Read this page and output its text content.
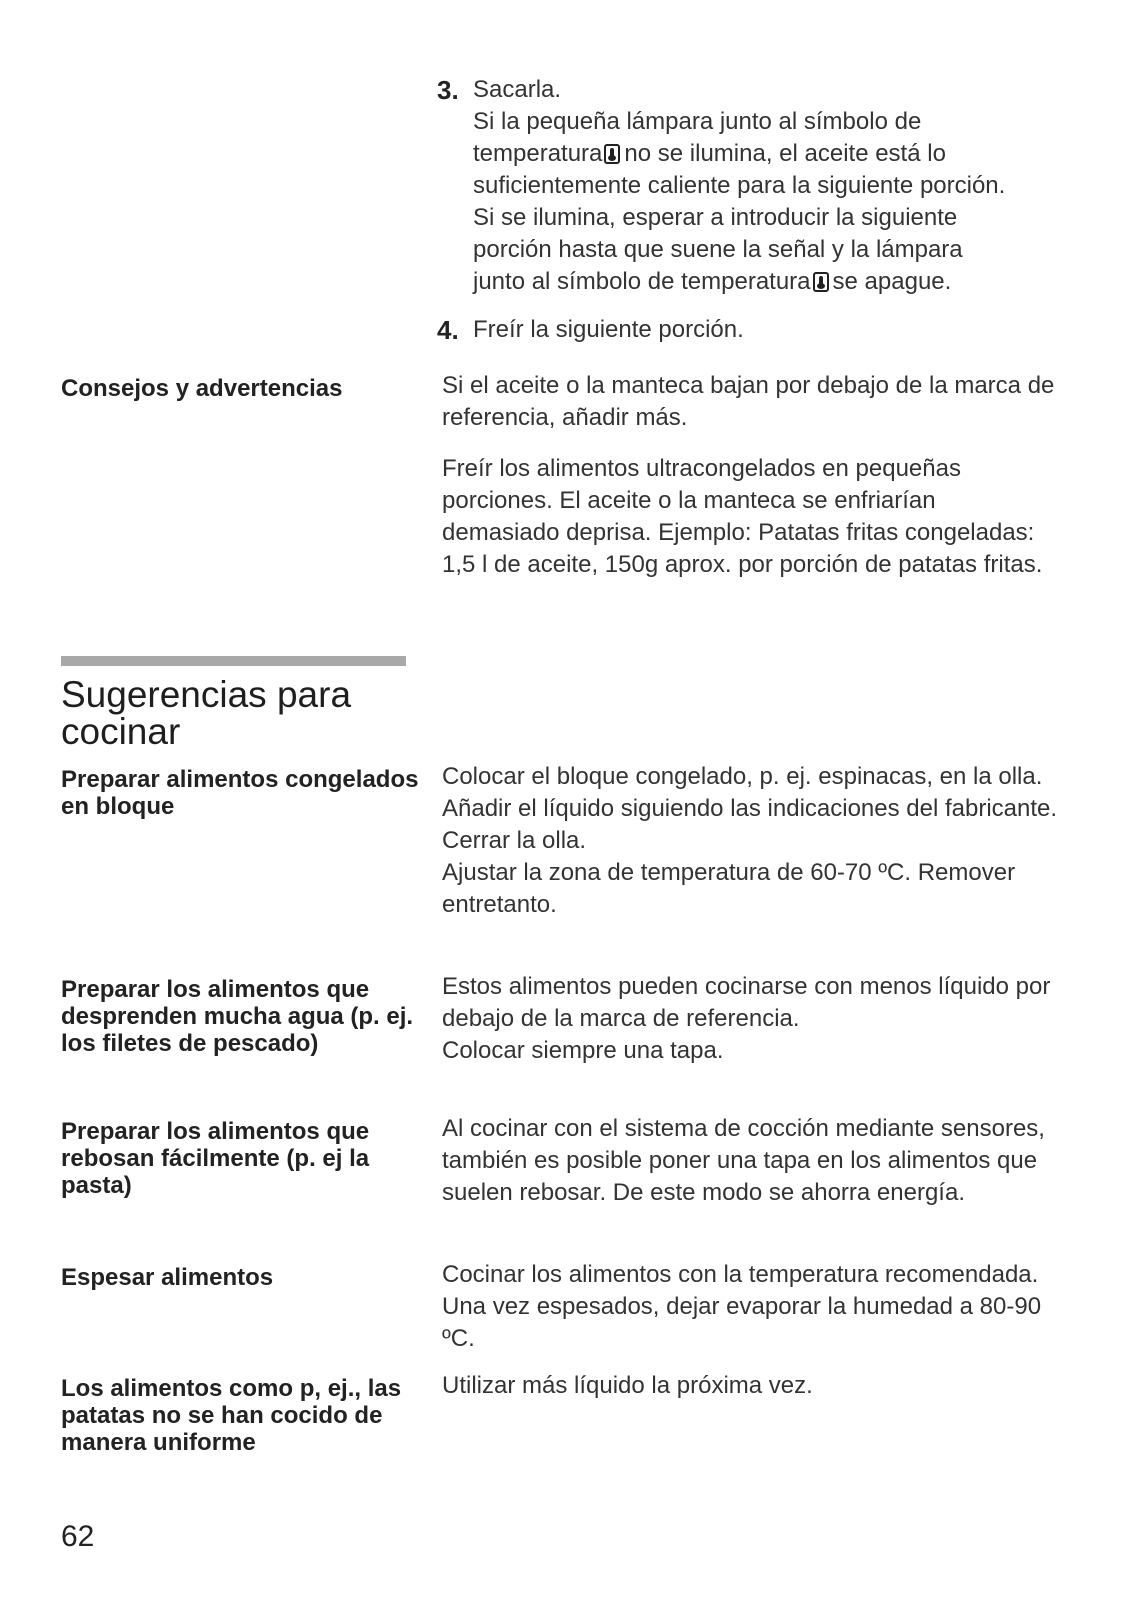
3. Sacarla.
Si la pequeña lámpara junto al símbolo de
temperatura no se ilumina, el aceite está lo
suficientemente caliente para la siguiente porción.
Si se ilumina, esperar a introducir la siguiente
porción hasta que suene la señal y la lámpara
junto al símbolo de temperatura se apague.
4. Freír la siguiente porción.
Consejos y advertencias	Si el aceite o la manteca bajan por debajo de la marca de referencia, añadir más.

Freír los alimentos ultracongelados en pequeñas porciones. El aceite o la manteca se enfriarían demasiado deprisa. Ejemplo: Patatas fritas congeladas: 1,5 l de aceite, 150g aprox. por porción de patatas fritas.

Sugerencias para cocinar
Preparar alimentos congelados en bloque

Colocar el bloque congelado, p. ej. espinacas, en la olla.

Añadir el líquido siguiendo las indicaciones del fabricante. Cerrar la olla.

Ajustar la zona de temperatura de 60-70 ºC. Remover entretanto.

Preparar los alimentos que desprenden mucha agua (p. ej. los filetes de pescado)

Estos alimentos pueden cocinarse con menos líquido por debajo de la marca de referencia.

Colocar siempre una tapa.

Preparar los alimentos que rebosan fácilmente (p. ej la pasta)

Al cocinar con el sistema de cocción mediante sensores, también es posible poner una tapa en los alimentos que suelen rebosar. De este modo se ahorra energía.

Espesar alimentos	Cocinar los alimentos con la temperatura recomendada. Una vez espesados, dejar evaporar la humedad a 80-90 ºC.

Los alimentos como p, ej., las patatas no se han cocido de manera uniforme

Utilizar más líquido la próxima vez.

62
